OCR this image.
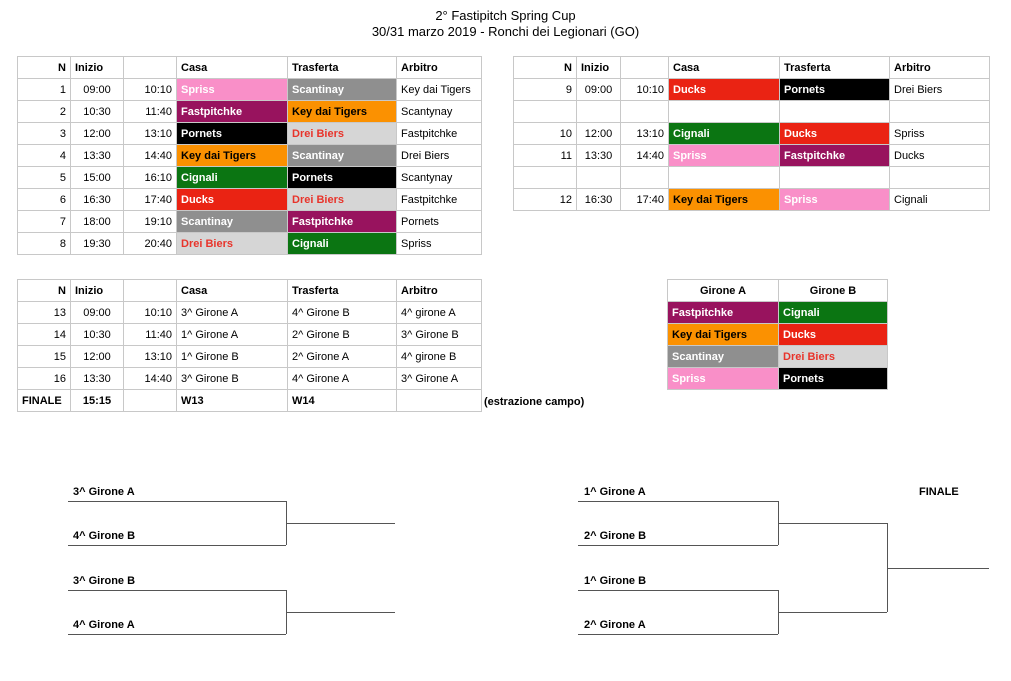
2° Fastipitch Spring Cup
30/31 marzo 2019 - Ronchi dei Legionari (GO)
N	Inizio		Casa	Trasferta	Arbitro
1	09:00	10:10	Spriss	Scantinay	Key dai Tigers
2	10:30	11:40	Fastpitchke	Key dai Tigers	Scantynay
3	12:00	13:10	Pornets	Drei Biers	Fastpitchke
4	13:30	14:40	Key dai Tigers	Scantinay	Drei Biers
5	15:00	16:10	Cignali	Pornets	Scantynay
6	16:30	17:40	Ducks	Drei Biers	Fastpitchke
7	18:00	19:10	Scantinay	Fastpitchke	Pornets
8	19:30	20:40	Drei Biers	Cignali	Spriss
N	Inizio		Casa	Trasferta	Arbitro
9	09:00	10:10	Ducks	Pornets	Drei Biers

10	12:00	13:10	Cignali	Ducks	Spriss
11	13:30	14:40	Spriss	Fastpitchke	Ducks

12	16:30	17:40	Key dai Tigers	Spriss	Cignali
N	Inizio		Casa	Trasferta	Arbitro
13	09:00	10:10	3^ Girone A	4^ Girone B	4^ girone A
14	10:30	11:40	1^ Girone A	2^ Girone B	3^ Girone B
15	12:00	13:10	1^ Girone B	2^ Girone A	4^ girone B
16	13:30	14:40	3^ Girone B	4^ Girone A	3^ Girone A
FINALE	15:15		W13	W14		(estrazione campo)
Girone A	Girone B
Fastpitchke	Cignali
Key dai Tigers	Ducks
Scantinay	Drei Biers
Spriss	Pornets
3^ Girone A
4^ Girone B
3^ Girone B
4^ Girone A
1^ Girone A
2^ Girone B
1^ Girone B
2^ Girone A
FINALE
